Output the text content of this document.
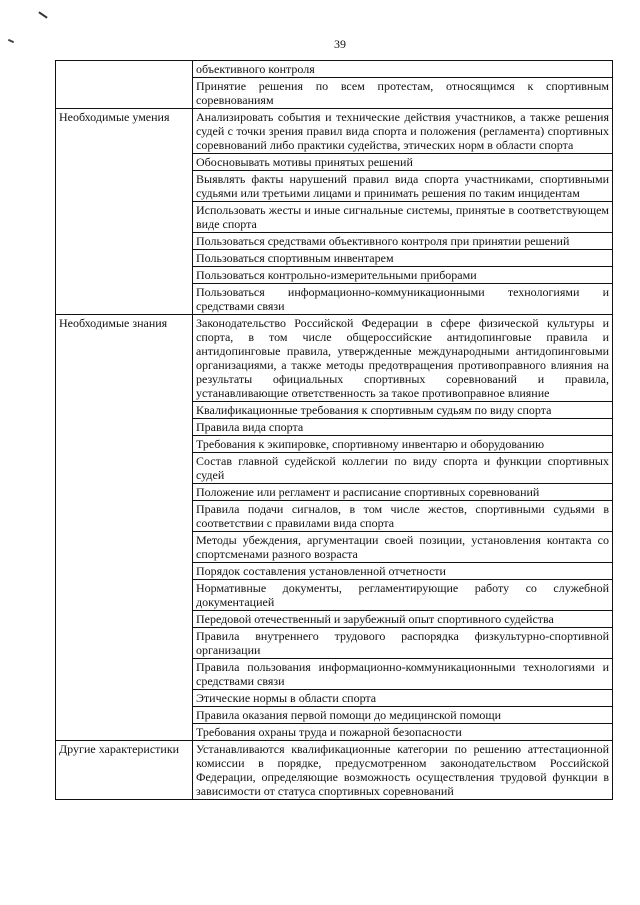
39
	объективного контроля
	Принятие решения по всем протестам, относящимся к спортивным соревнованиям
Необходимые умения	Анализировать события и технические действия участников, а также решения судей с точки зрения правил вида спорта и положения (регламента) спортивных соревнований либо практики судейства, этических норм в области спорта
	Обосновывать мотивы принятых решений
	Выявлять факты нарушений правил вида спорта участниками, спортивными судьями или третьими лицами и принимать решения по таким инцидентам
	Использовать жесты и иные сигнальные системы, принятые в соответствующем виде спорта
	Пользоваться средствами объективного контроля при принятии решений
	Пользоваться спортивным инвентарем
	Пользоваться контрольно-измерительными приборами
	Пользоваться информационно-коммуникационными технологиями и средствами связи
Необходимые знания	Законодательство Российской Федерации в сфере физической культуры и спорта, в том числе общероссийские антидопинговые правила и антидопинговые правила, утвержденные международными антидопинговыми организациями, а также методы предотвращения противоправного влияния на результаты официальных спортивных соревнований и правила, устанавливающие ответственность за такое противоправное влияние
	Квалификационные требования к спортивным судьям по виду спорта
	Правила вида спорта
	Требования к экипировке, спортивному инвентарю и оборудованию
	Состав главной судейской коллегии по виду спорта и функции спортивных судей
	Положение или регламент и расписание спортивных соревнований
	Правила подачи сигналов, в том числе жестов, спортивными судьями в соответствии с правилами вида спорта
	Методы убеждения, аргументации своей позиции, установления контакта со спортсменами разного возраста
	Порядок составления установленной отчетности
	Нормативные документы, регламентирующие работу со служебной документацией
	Передовой отечественный и зарубежный опыт спортивного судейства
	Правила внутреннего трудового распорядка физкультурно-спортивной организации
	Правила пользования информационно-коммуникационными технологиями и средствами связи
	Этические нормы в области спорта
	Правила оказания первой помощи до медицинской помощи
	Требования охраны труда и пожарной безопасности
Другие характеристики	Устанавливаются квалификационные категории по решению аттестационной комиссии в порядке, предусмотренном законодательством Российской Федерации, определяющие возможность осуществления трудовой функции в зависимости от статуса спортивных соревнований
